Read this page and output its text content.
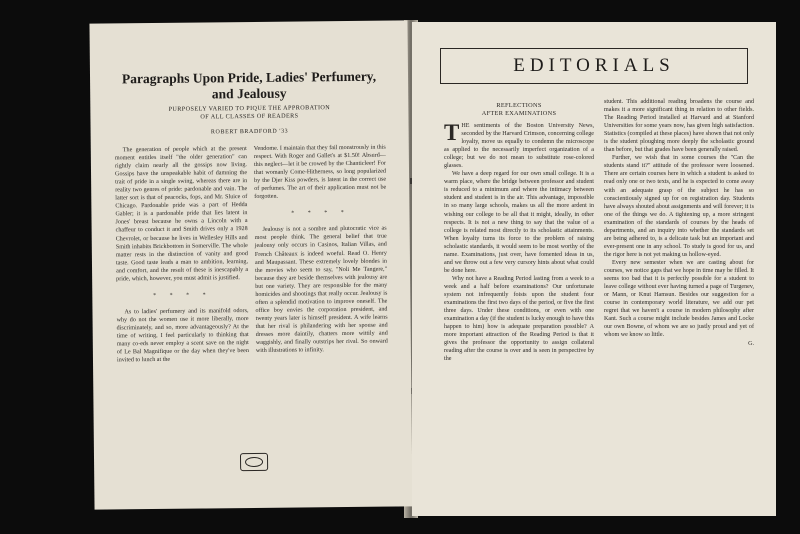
Paragraphs Upon Pride, Ladies' Perfumery,
and Jealousy
PURPOSELY VARIED TO PIQUE THE APPROBATION
OF ALL CLASSES OF READERS
ROBERT BRADFORD '33

The generation of people which at the present moment entitles itself "the older generation" can rightly claim nearly all the gossips now living. Gossips have the unspeakable habit of damning the trait of pride in a single swing, whereas there are in reality two genres of pride: pardonable and vain. The latter sort is that of peacocks, fops, and Mr. Sluice of Chicago. Pardonable pride was a part of Hedda Gabler; it is a pardonable pride that lies latent in Jones' breast because he owns a Lincoln with a chaffeur to conduct it and Smith drives only a 1928 Chevrolet, or because he lives in Wellesley Hills and Smith inhabits Brickbottom in Somerville. The whole matter rests in the distinction of vanity and good taste. Good taste leads a man to ambition, learning, and comfort, and the result of these is inescapably a pride, which, however, you must admit is justified.

* * * *

As to ladies' perfumery and its manifold odors, why do not the women use it more liberally, more discriminately, and so, more advantageously? At the time of writing, I feel particularly to thinking that many co-eds never employ a scent save on the night of Le Bal Magnifique or the day when they've been invited to lunch at the

Vendome. I maintain that they fail monstrously in this respect. With Roger and Gallet's at $1.50! Absurd—this neglect—let it be crowed by the Chanticleer! For that womanly Come-Hitherness, so long popularized by the Djer Kiss powders, is latent in the correct use of perfumes. The art of their application must not be forgotten.

* * * *

Jealousy is not a sombre and plutocratic vice as most people think. The general belief that true jealousy only occurs in Casinos, Italian Villas, and French Châteaux is indeed woeful. Read O. Henry and Maupassant. These extremely lovely blondes in the movies who seem to say, "Noli Me Tangere," because they are beside themselves with jealousy are but one variety. They are responsible for the many homicides and shootings that really occur. Jealousy is often a splendid motivation to improve oneself. The office boy envies the corporation president, and twenty years later is himself president. A wife learns that her rival is philandering with her spouse and dresses more daintily, chatters more wittily and waggishly, and finally outstrips her rival. So onward with illustrations to infinity.

EDITORIALS
REFLECTIONS
AFTER EXAMINATIONS

THE sentiments of the Boston University News, seconded by the Harvard Crimson, concerning college loyalty, move us equally to condemn the microscope as applied to the necessarily imperfect organization of a college; but we do not mean to substitute rose-colored glasses.

We have a deep regard for our own small college. It is a warm place, where the bridge between professor and student is reduced to a minimum and where the intimacy between student and student is in the air. This advantage, impossible in so many large schools, makes us all the more ardent in wishing our college to be all that it might, ideally, in other respects. It is not a new thing to say that the value of a college is related most directly to its scholastic attainments. When loyalty turns its force to the problem of raising scholastic standards, it would seem to be most worthy of the name. Examinations, just over, have fomented ideas in us, and we throw out a few very cursory hints about what could be done here.

Why not have a Reading Period lasting from a week to a week and a half before examinations? Our unfortunate system not infrequently foists upon the student four examinations the first two days of the period, or five the first three days. Under these conditions, or even with one examination a day (if the student is lucky enough to have this happen to him) how is adequate preparation possible? A more important attraction of the Reading Period is that it gives the professor the opportunity to assign collateral reading after the course is over and is seen in perspective by the

student. This additional reading broadens the course and makes it a more significant thing in relation to other fields. The Reading Period installed at Harvard and at Stanford Universities for some years now, has given high satisfaction. Statistics (compiled at these places) have shown that not only is the student ploughing more deeply the scholastic ground than before, but that grades have been generally raised.

Further, we wish that in some courses the "Can the students stand it?" attitude of the professor were loosened. There are certain courses here in which a student is asked to read only one or two texts, and he is expected to come away with an adequate grasp of the subject he has so conscientiously signed up for on registration day. Students have always shouted about assignments and will forever; it is one of the things we do. A tightening up, a more stringent examination of the standards of courses by the heads of departments, and an inquiry into whether the standards set are being adhered to, is a delicate task but an important and ever-present one in any school. To study is good for us, and the rigor here is not yet making us hollow-eyed.

Every new semester when we are casting about for courses, we notice gaps that we hope in time may be filled. It seems too bad that it is perfectly possible for a student to leave college without ever having turned a page of Turgenev, or Mann, or Knut Hamsun. Besides our suggestion for a course in contemporary world literature, we add our pet regret that we haven't a course in modern philosophy after Kant. Such a course might include besides James and Locke our own Bowne, of whom we are so justly proud and yet of whom we know so little.

G.
